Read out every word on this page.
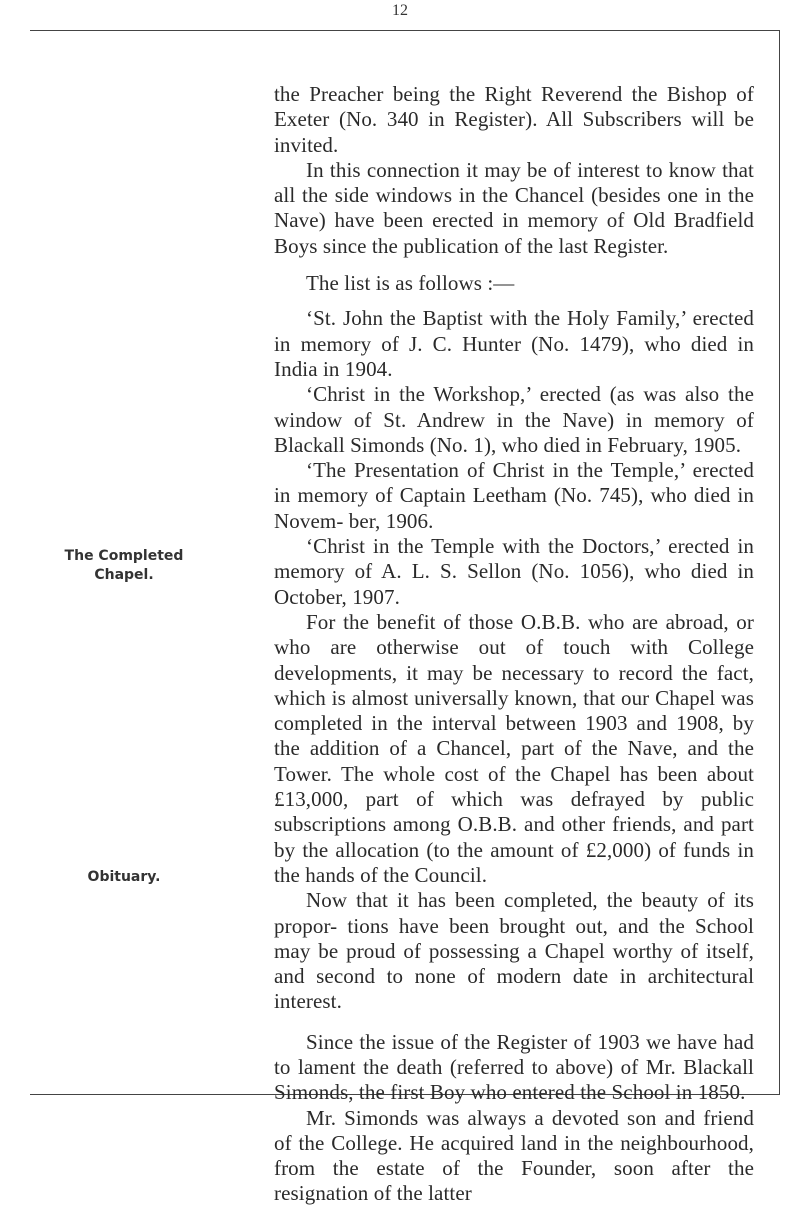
12
The Completed
Chapel.
Obituary.

the Preacher being the Right Reverend the Bishop of Exeter (No. 340 in Register). All Subscribers will be invited.

In this connection it may be of interest to know that all the side windows in the Chancel (besides one in the Nave) have been erected in memory of Old Bradfield Boys since the publication of the last Register.

The list is as follows :—

‘St. John the Baptist with the Holy Family,’ erected in memory of J. C. Hunter (No. 1479), who died in India in 1904.

‘Christ in the Workshop,’ erected (as was also the window of St. Andrew in the Nave) in memory of Blackall Simonds (No. 1), who died in February, 1905.

‘The Presentation of Christ in the Temple,’ erected in memory of Captain Leetham (No. 745), who died in Novem- ber, 1906.

‘Christ in the Temple with the Doctors,’ erected in memory of A. L. S. Sellon (No. 1056), who died in October, 1907.

For the benefit of those O.B.B. who are abroad, or who are otherwise out of touch with College developments, it may be necessary to record the fact, which is almost universally known, that our Chapel was completed in the interval between 1903 and 1908, by the addition of a Chancel, part of the Nave, and the Tower. The whole cost of the Chapel has been about £13,000, part of which was defrayed by public subscriptions among O.B.B. and other friends, and part by the allocation (to the amount of £2,000) of funds in the hands of the Council.

Now that it has been completed, the beauty of its propor- tions have been brought out, and the School may be proud of possessing a Chapel worthy of itself, and second to none of modern date in architectural interest.

Since the issue of the Register of 1903 we have had to lament the death (referred to above) of Mr. Blackall Simonds, the first Boy who entered the School in 1850.

Mr. Simonds was always a devoted son and friend of the College. He acquired land in the neighbourhood, from the estate of the Founder, soon after the resignation of the latter
